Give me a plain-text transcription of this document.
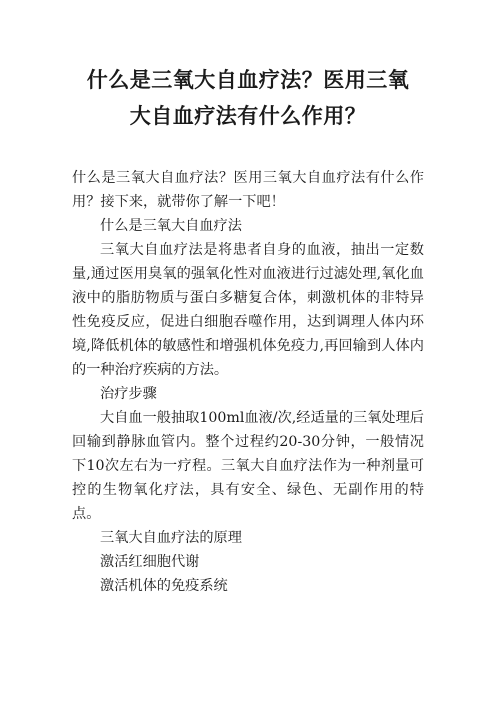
什么是三氧大自血疗法？医用三氧
大自血疗法有什么作用？

什么是三氧大自血疗法？医用三氧大自血疗法有什么作用？接下来，就带你了解一下吧！

什么是三氧大自血疗法

三氧大自血疗法是将患者自身的血液，抽出一定数量,通过医用臭氧的强氧化性对血液进行过滤处理,氧化血液中的脂肪物质与蛋白多糖复合体，刺激机体的非特异性免疫反应，促进白细胞吞噬作用，达到调理人体内环境,降低机体的敏感性和增强机体免疫力,再回输到人体内的一种治疗疾病的方法。

治疗步骤

大自血一般抽取100ml血液/次,经适量的三氧处理后回输到静脉血管内。整个过程约20-30分钟，一般情况下10次左右为一疗程。三氧大自血疗法作为一种剂量可控的生物氧化疗法，具有安全、绿色、无副作用的特点。

三氧大自血疗法的原理

激活红细胞代谢

激活机体的免疫系统
